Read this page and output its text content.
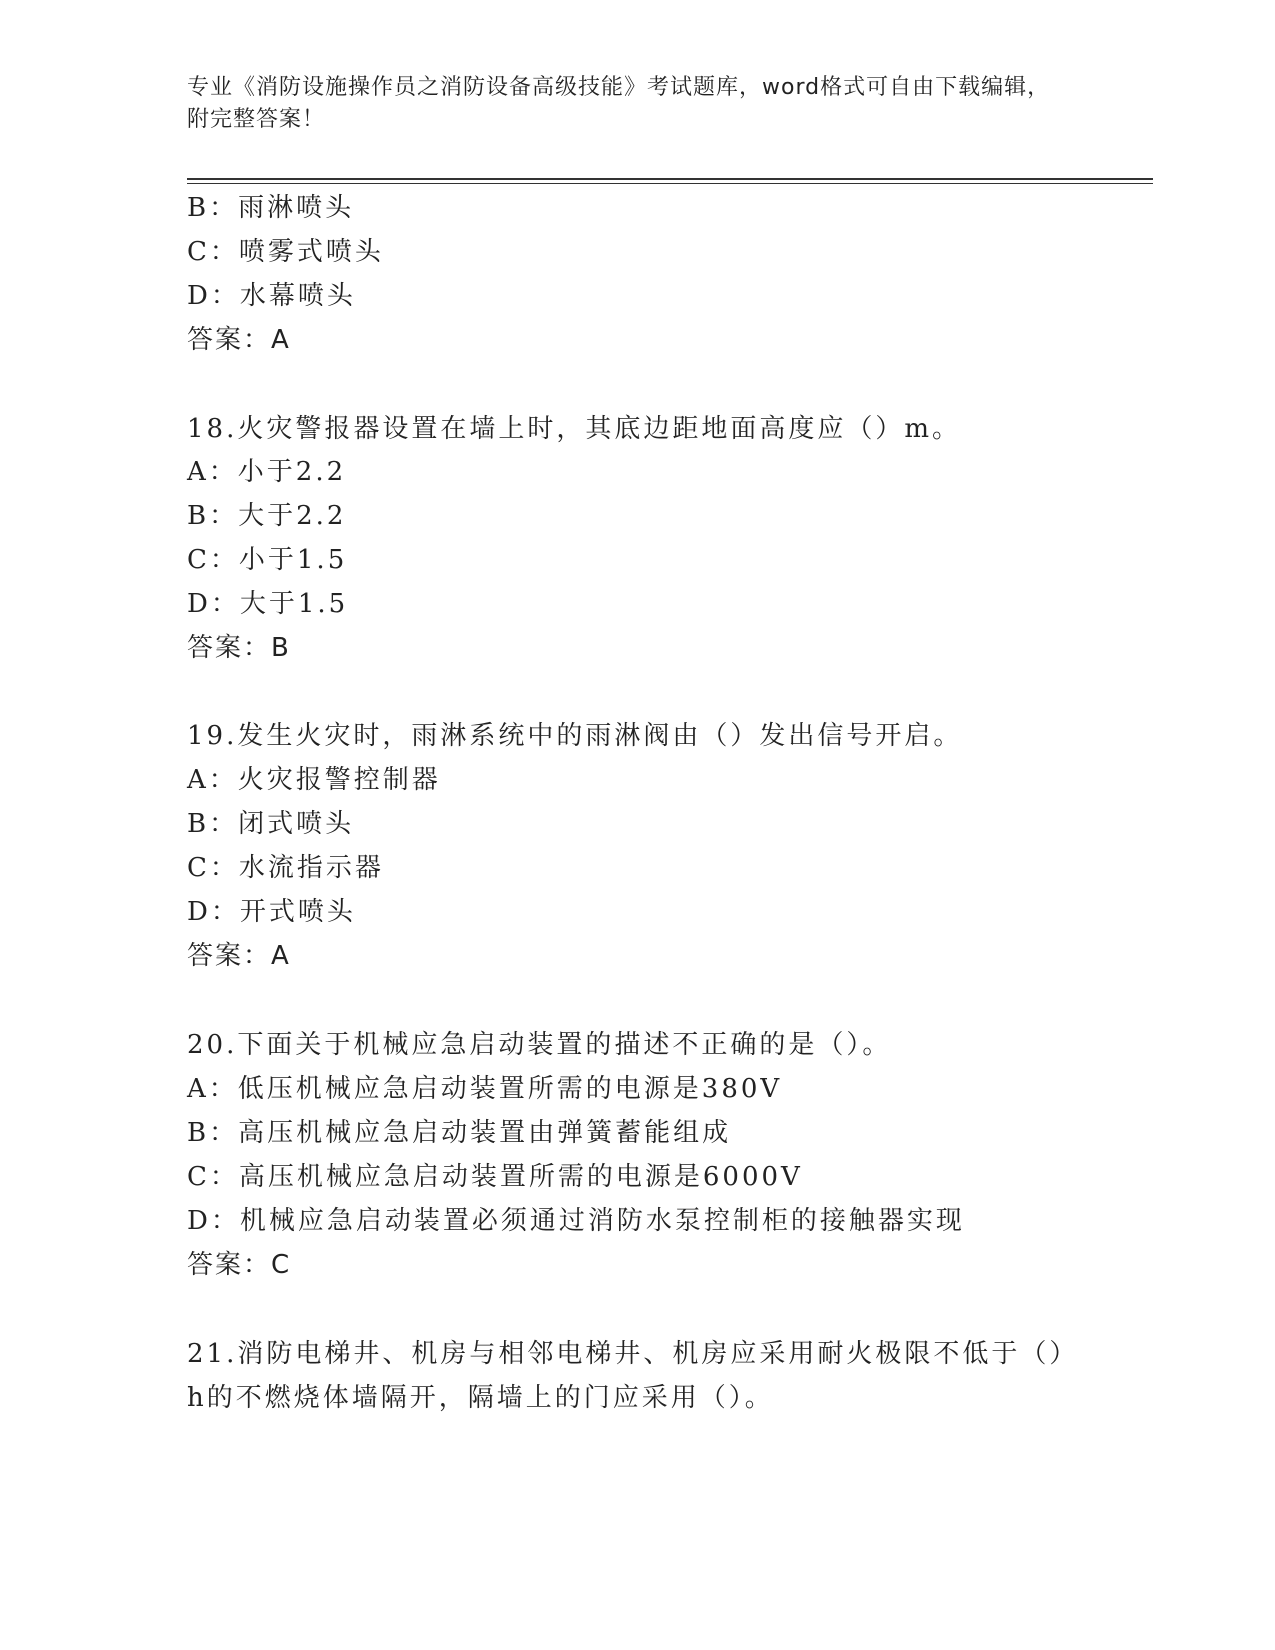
专业《消防设施操作员之消防设备高级技能》考试题库，word格式可自由下载编辑，附完整答案！
B：雨淋喷头
C：喷雾式喷头
D：水幕喷头
答案：A
18.火灾警报器设置在墙上时，其底边距地面高度应（）m。
A：小于2.2
B：大于2.2
C：小于1.5
D：大于1.5
答案：B
19.发生火灾时，雨淋系统中的雨淋阀由（）发出信号开启。
A：火灾报警控制器
B：闭式喷头
C：水流指示器
D：开式喷头
答案：A
20.下面关于机械应急启动装置的描述不正确的是（）。
A：低压机械应急启动装置所需的电源是380V
B：高压机械应急启动装置由弹簧蓄能组成
C：高压机械应急启动装置所需的电源是6000V
D：机械应急启动装置必须通过消防水泵控制柜的接触器实现
答案：C
21.消防电梯井、机房与相邻电梯井、机房应采用耐火极限不低于（）
h的不燃烧体墙隔开，隔墙上的门应采用（）。
